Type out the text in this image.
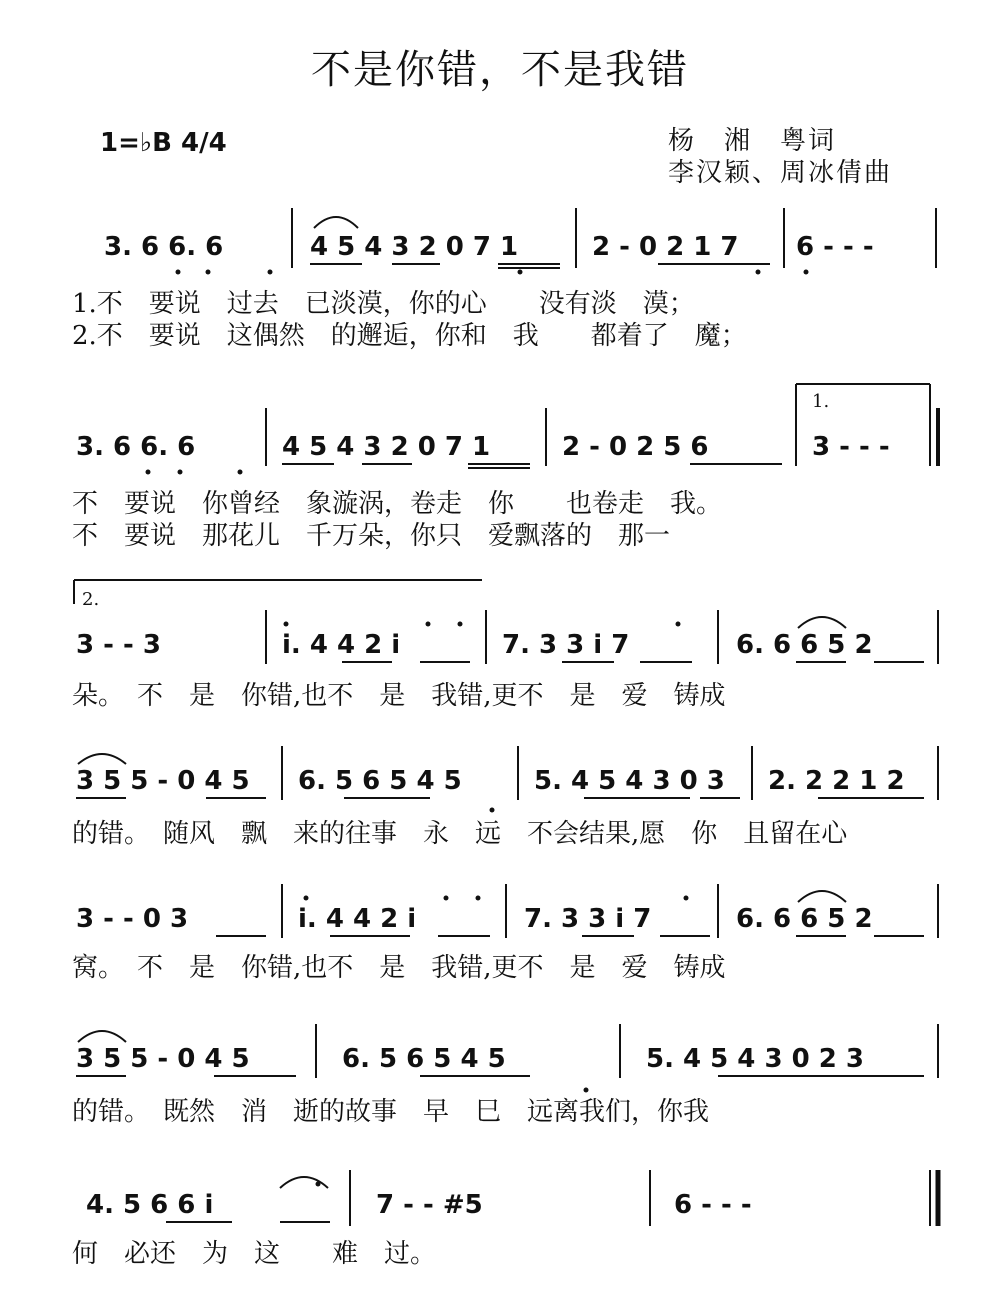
不是你错，不是我错
1=♭B 4/4	杨　湘　粤词
李汉颖、周冰倩曲
3. 6 6. 6	4 5 4 3 2 0 7 1	2 - 0 2 1 7 6 - - -
1.不　要说　过去　已淡漠，你的心　　没有淡　漠；
2.不　要说　这偶然　的邂逅，你和　我　　都着了　魔；
3. 6 6. 6	4 5 4 3 2 0 7 1	2 - 0 2 5 6	3 - - -
不　要说　你曾经　象漩涡，卷走　你　　也卷走　我。
不　要说　那花儿　千万朵，你只　爱飘落的　那一
3 - - 3	i. 4 4 2 i	7. 3 3 i 7	6. 6 6 5 2
朵。　不　是　你错,也不　是　我错,更不　是　爱　铸成
3 5 5 - 0 4 5 6. 5 6 5 4 5	5. 4 5 4 3 0 3 2. 2 2 1 2
的错。　随风　飘　来的往事　永　远　不会结果,愿　你　且留在心
3 - - 0 3	i. 4 4 2 i	7. 3 3 i 7	6. 6 6 5 2
窝。　不　是　你错,也不　是　我错,更不　是　爱　铸成
3 5 5 - 0 4 5	6. 5 6 5 4 5	5. 4 5 4 3 0 2 3
的错。　既然　消　逝的故事　早　巳　远离我们，你我
4. 5 6 6 i	7 - - #5	6 - - -
何　必还　为　这　　难　过。
1.
2.
